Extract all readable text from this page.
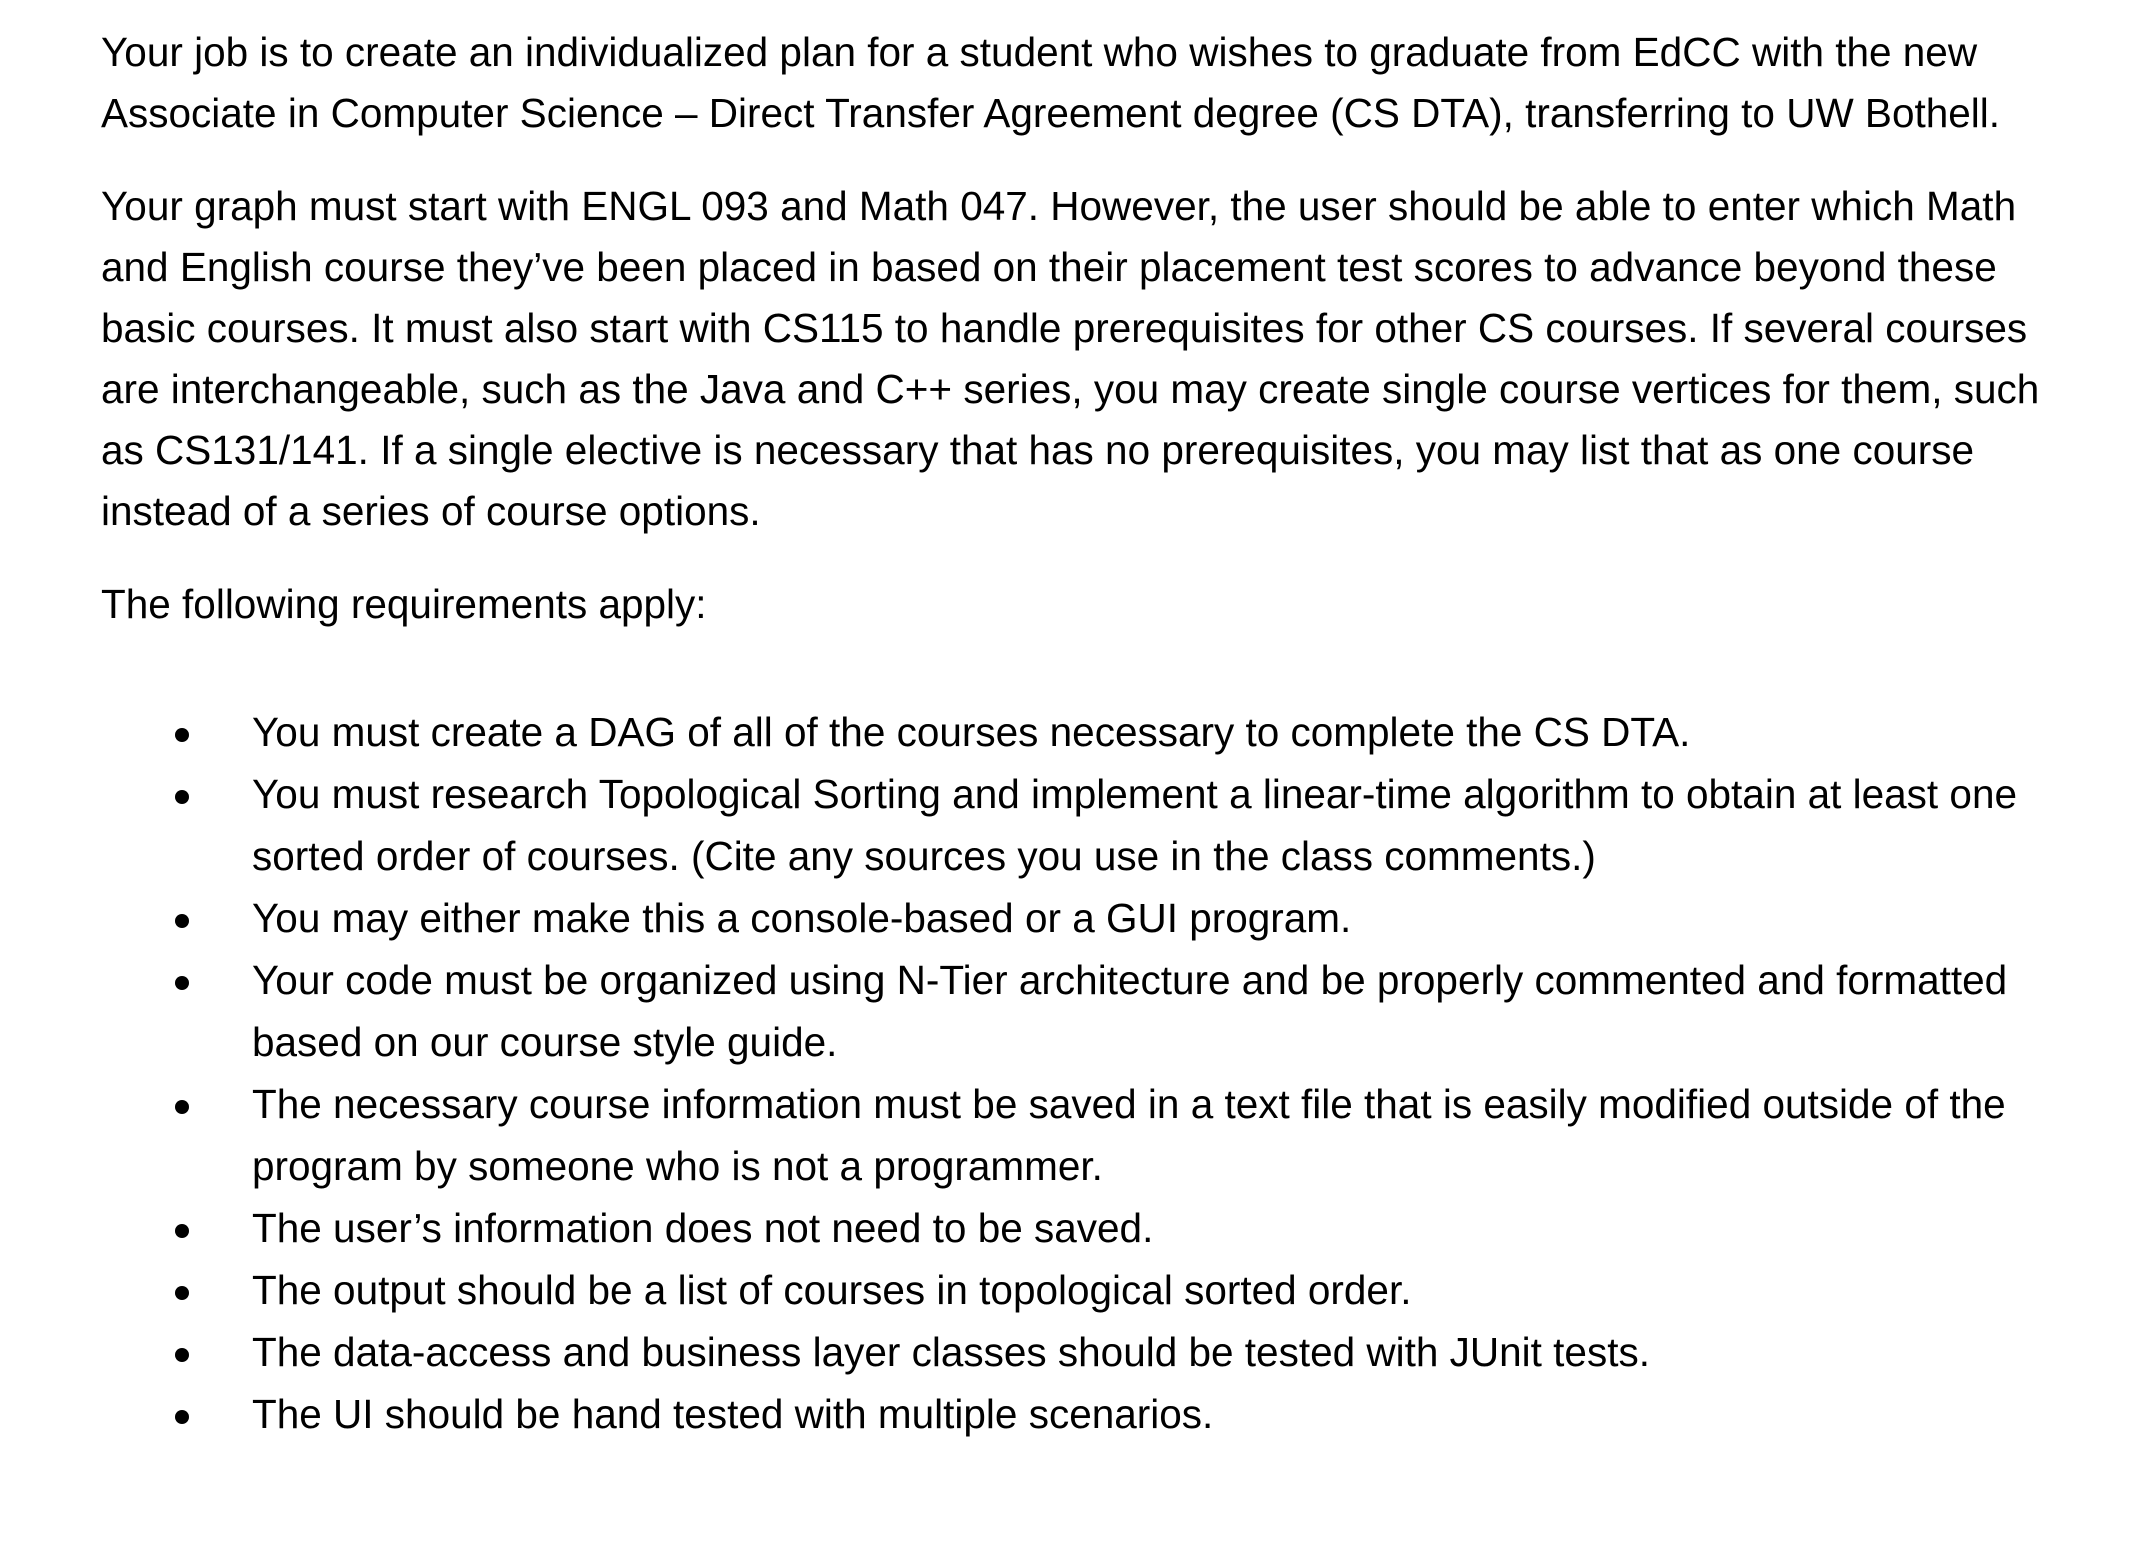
Your job is to create an individualized plan for a student who wishes to graduate from EdCC with the new Associate in Computer Science – Direct Transfer Agreement degree (CS DTA), transferring to UW Bothell.

Your graph must start with ENGL 093 and Math 047. However, the user should be able to enter which Math and English course they’ve been placed in based on their placement test scores to advance beyond these basic courses. It must also start with CS115 to handle prerequisites for other CS courses. If several courses are interchangeable, such as the Java and C++ series, you may create single course vertices for them, such as CS131/141. If a single elective is necessary that has no prerequisites, you may list that as one course instead of a series of course options.

The following requirements apply:

You must create a DAG of all of the courses necessary to complete the CS DTA.
You must research Topological Sorting and implement a linear-time algorithm to obtain at least one sorted order of courses. (Cite any sources you use in the class comments.)
You may either make this a console-based or a GUI program.
Your code must be organized using N-Tier architecture and be properly commented and formatted based on our course style guide.
The necessary course information must be saved in a text file that is easily modified outside of the program by someone who is not a programmer.
The user’s information does not need to be saved.
The output should be a list of courses in topological sorted order.
The data-access and business layer classes should be tested with JUnit tests.
The UI should be hand tested with multiple scenarios.
